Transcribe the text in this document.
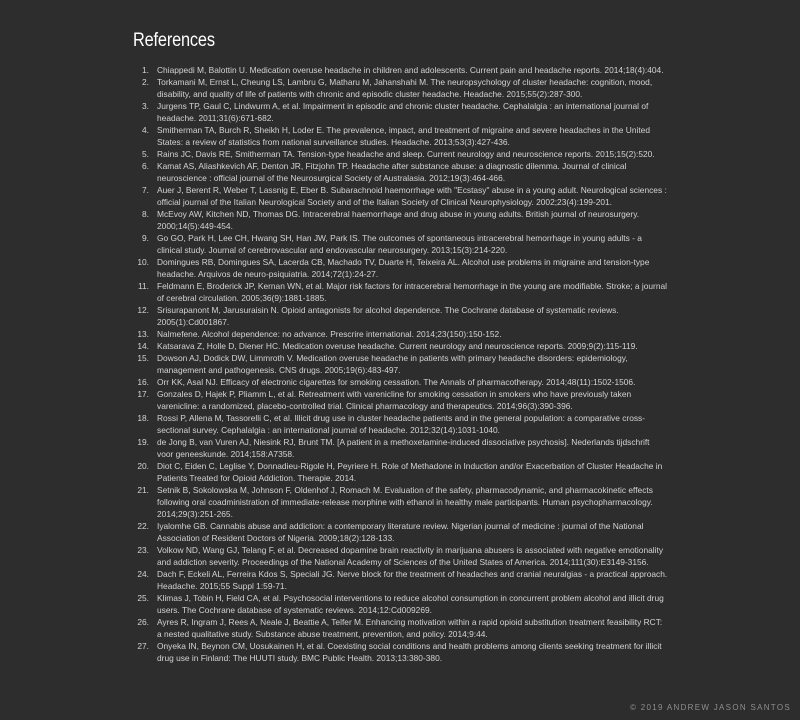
References
1. Chiappedi M, Balottin U. Medication overuse headache in children and adolescents. Current pain and headache reports. 2014;18(4):404.
2. Torkamani M, Ernst L, Cheung LS, Lambru G, Matharu M, Jahanshahi M. The neuropsychology of cluster headache: cognition, mood, disability, and quality of life of patients with chronic and episodic cluster headache. Headache. 2015;55(2):287-300.
3. Jurgens TP, Gaul C, Lindwurm A, et al. Impairment in episodic and chronic cluster headache. Cephalalgia : an international journal of headache. 2011;31(6):671-682.
4. Smitherman TA, Burch R, Sheikh H, Loder E. The prevalence, impact, and treatment of migraine and severe headaches in the United States: a review of statistics from national surveillance studies. Headache. 2013;53(3):427-436.
5. Rains JC, Davis RE, Smitherman TA. Tension-type headache and sleep. Current neurology and neuroscience reports. 2015;15(2):520.
6. Kamat AS, Aliashkevich AF, Denton JR, Fitzjohn TP. Headache after substance abuse: a diagnostic dilemma. Journal of clinical neuroscience : official journal of the Neurosurgical Society of Australasia. 2012;19(3):464-466.
7. Auer J, Berent R, Weber T, Lassnig E, Eber B. Subarachnoid haemorrhage with "Ecstasy" abuse in a young adult. Neurological sciences : official journal of the Italian Neurological Society and of the Italian Society of Clinical Neurophysiology. 2002;23(4):199-201.
8. McEvoy AW, Kitchen ND, Thomas DG. Intracerebral haemorrhage and drug abuse in young adults. British journal of neurosurgery. 2000;14(5):449-454.
9. Go GO, Park H, Lee CH, Hwang SH, Han JW, Park IS. The outcomes of spontaneous intracerebral hemorrhage in young adults - a clinical study. Journal of cerebrovascular and endovascular neurosurgery. 2013;15(3):214-220.
10. Domingues RB, Domingues SA, Lacerda CB, Machado TV, Duarte H, Teixeira AL. Alcohol use problems in migraine and tension-type headache. Arquivos de neuro-psiquiatria. 2014;72(1):24-27.
11. Feldmann E, Broderick JP, Kernan WN, et al. Major risk factors for intracerebral hemorrhage in the young are modifiable. Stroke; a journal of cerebral circulation. 2005;36(9):1881-1885.
12. Srisurapanont M, Jarusuraisin N. Opioid antagonists for alcohol dependence. The Cochrane database of systematic reviews. 2005(1):Cd001867.
13. Nalmefene. Alcohol dependence: no advance. Prescrire international. 2014;23(150):150-152.
14. Katsarava Z, Holle D, Diener HC. Medication overuse headache. Current neurology and neuroscience reports. 2009;9(2):115-119.
15. Dowson AJ, Dodick DW, Limmroth V. Medication overuse headache in patients with primary headache disorders: epidemiology, management and pathogenesis. CNS drugs. 2005;19(6):483-497.
16. Orr KK, Asal NJ. Efficacy of electronic cigarettes for smoking cessation. The Annals of pharmacotherapy. 2014;48(11):1502-1506.
17. Gonzales D, Hajek P, Pliamm L, et al. Retreatment with varenicline for smoking cessation in smokers who have previously taken varenicline: a randomized, placebo-controlled trial. Clinical pharmacology and therapeutics. 2014;96(3):390-396.
18. Rossi P, Allena M, Tassorelli C, et al. Illicit drug use in cluster headache patients and in the general population: a comparative cross-sectional survey. Cephalalgia : an international journal of headache. 2012;32(14):1031-1040.
19. de Jong B, van Vuren AJ, Niesink RJ, Brunt TM. [A patient in a methoxetamine-induced dissociative psychosis]. Nederlands tijdschrift voor geneeskunde. 2014;158:A7358.
20. Diot C, Eiden C, Leglise Y, Donnadieu-Rigole H, Peyriere H. Role of Methadone in Induction and/or Exacerbation of Cluster Headache in Patients Treated for Opioid Addiction. Therapie. 2014.
21. Setnik B, Sokolowska M, Johnson F, Oldenhof J, Romach M. Evaluation of the safety, pharmacodynamic, and pharmacokinetic effects following oral coadministration of immediate-release morphine with ethanol in healthy male participants. Human psychopharmacology. 2014;29(3):251-265.
22. Iyalomhe GB. Cannabis abuse and addiction: a contemporary literature review. Nigerian journal of medicine : journal of the National Association of Resident Doctors of Nigeria. 2009;18(2):128-133.
23. Volkow ND, Wang GJ, Telang F, et al. Decreased dopamine brain reactivity in marijuana abusers is associated with negative emotionality and addiction severity. Proceedings of the National Academy of Sciences of the United States of America. 2014;111(30):E3149-3156.
24. Dach F, Eckeli AL, Ferreira Kdos S, Speciali JG. Nerve block for the treatment of headaches and cranial neuralgias - a practical approach. Headache. 2015;55 Suppl 1:59-71.
25. Klimas J, Tobin H, Field CA, et al. Psychosocial interventions to reduce alcohol consumption in concurrent problem alcohol and illicit drug users. The Cochrane database of systematic reviews. 2014;12:Cd009269.
26. Ayres R, Ingram J, Rees A, Neale J, Beattie A, Telfer M. Enhancing motivation within a rapid opioid substitution treatment feasibility RCT: a nested qualitative study. Substance abuse treatment, prevention, and policy. 2014;9:44.
27. Onyeka IN, Beynon CM, Uosukainen H, et al. Coexisting social conditions and health problems among clients seeking treatment for illicit drug use in Finland: The HUUTI study. BMC Public Health. 2013;13:380-380.
© 2019 ANDREW JASON SANTOS
